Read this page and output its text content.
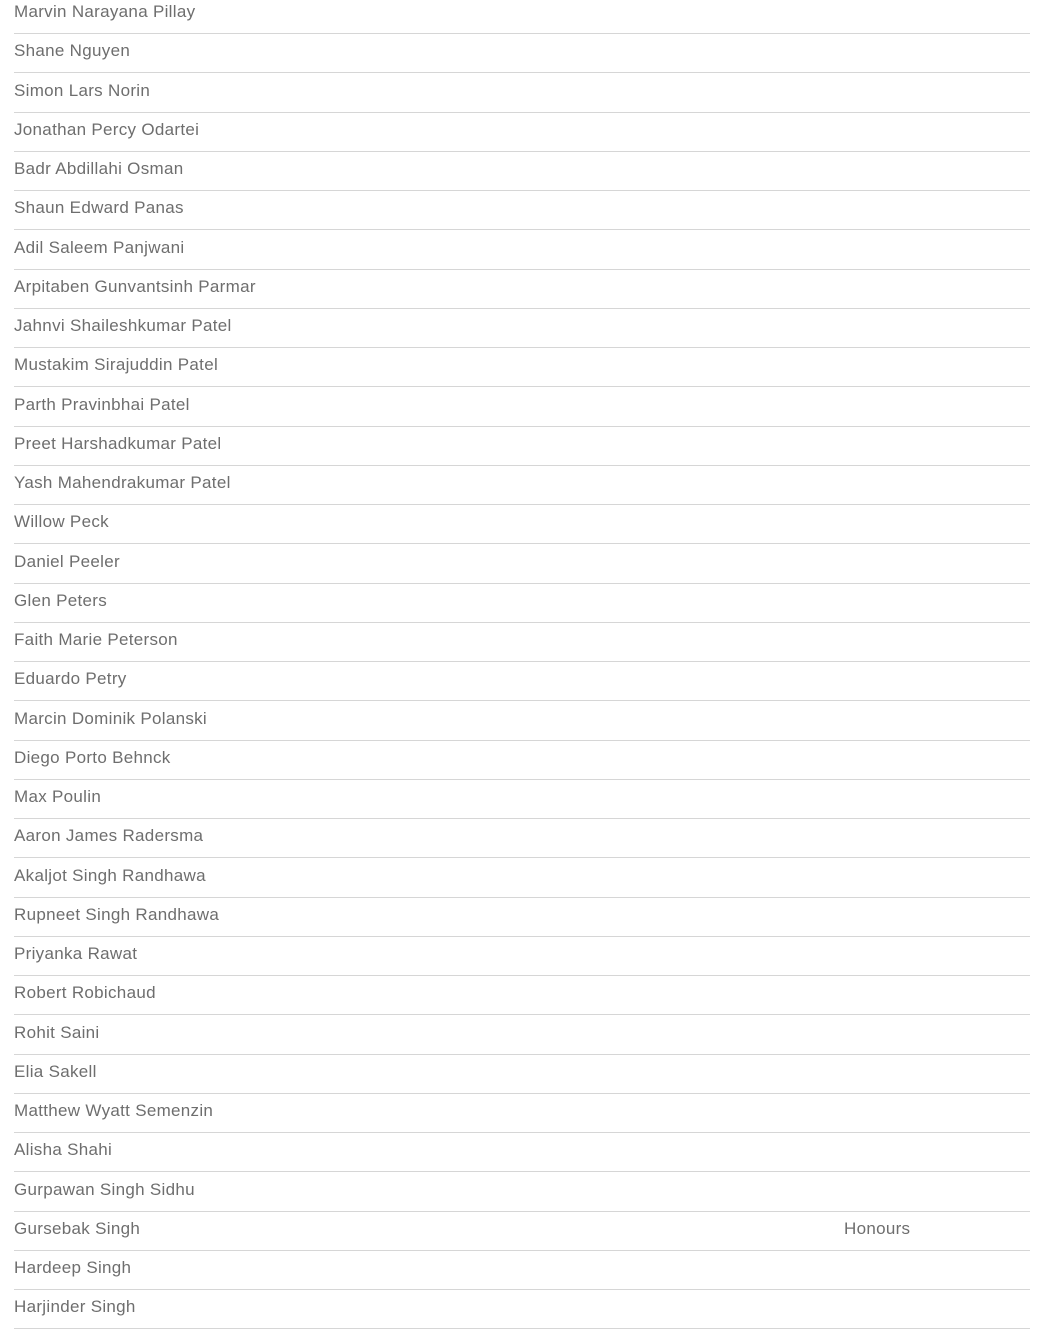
Marvin Narayana Pillay
Shane Nguyen
Simon Lars Norin
Jonathan Percy Odartei
Badr Abdillahi Osman
Shaun Edward Panas
Adil Saleem Panjwani
Arpitaben Gunvantsinh Parmar
Jahnvi Shaileshkumar Patel
Mustakim Sirajuddin Patel
Parth Pravinbhai Patel
Preet Harshadkumar Patel
Yash Mahendrakumar Patel
Willow Peck
Daniel Peeler
Glen Peters
Faith Marie Peterson
Eduardo Petry
Marcin Dominik Polanski
Diego Porto Behnck
Max Poulin
Aaron James Radersma
Akaljot Singh Randhawa
Rupneet Singh Randhawa
Priyanka Rawat
Robert Robichaud
Rohit Saini
Elia Sakell
Matthew Wyatt Semenzin
Alisha Shahi
Gurpawan Singh Sidhu
Gursebak Singh	Honours
Hardeep Singh
Harjinder Singh
